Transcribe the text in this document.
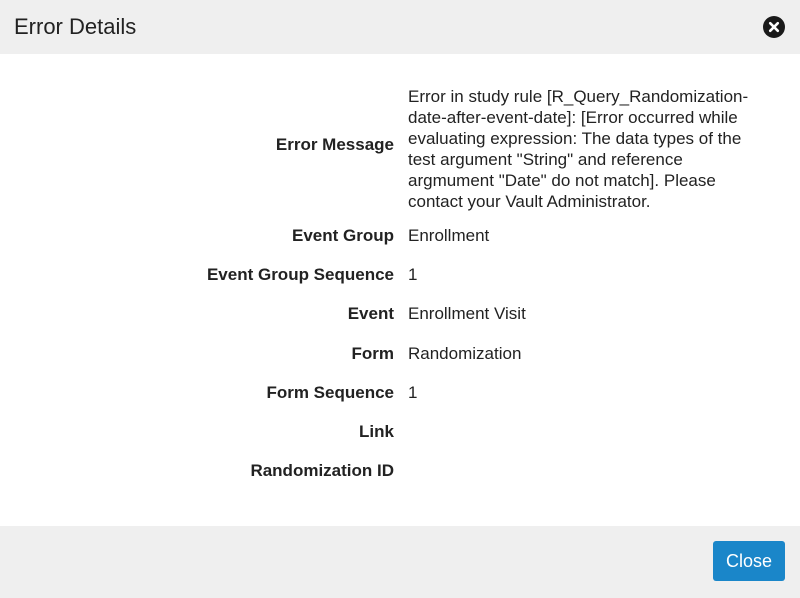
Error Details
Error Message
Error in study rule [R_Query_Randomization-date-after-event-date]: [Error occurred while evaluating expression: The data types of the test argument "String" and reference argmument "Date" do not match]. Please contact your Vault Administrator.
Event Group Enrollment
Event Group Sequence 1
Event Enrollment Visit
Form Randomization
Form Sequence 1
Link
Randomization ID
Close
